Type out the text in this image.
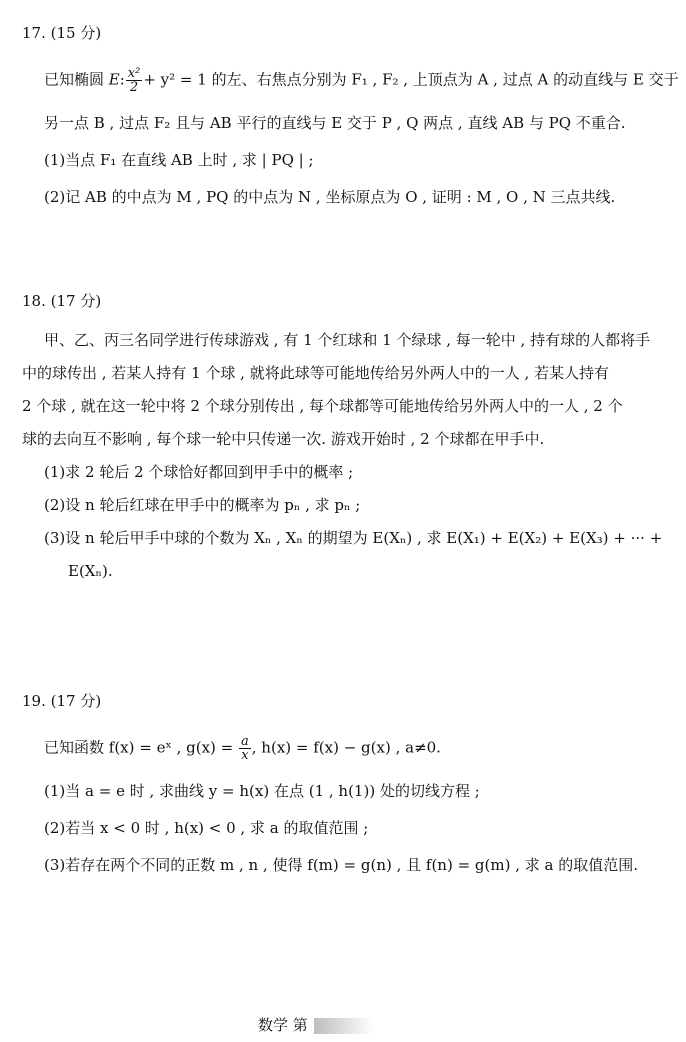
17. (15 分)

已知椭圆 E: $\frac{\text{x²}}{2} + y^2 = 1$ 的左、右焦点分别为 F₁ , F₂ , 上顶点为 A , 过点 A 的动直线与 E 交于

另一点 B , 过点 F₂ 且与 AB 平行的直线与 E 交于 P , Q 两点 , 直线 AB 与 PQ 不重合.

(1)当点 F₁ 在直线 AB 上时 , 求 | PQ | ;

(2)记 AB 的中点为 M , PQ 的中点为 N , 坐标原点为 O , 证明 : M , O , N 三点共线.

18. (17 分)

甲、乙、丙三名同学进行传球游戏 , 有 1 个红球和 1 个绿球 , 每一轮中 , 持有球的人都将手

中的球传出 , 若某人持有 1 个球 , 就将此球等可能地传给另外两人中的一人 , 若某人持有

2 个球 , 就在这一轮中将 2 个球分别传出 , 每个球都等可能地传给另外两人中的一人 , 2 个

球的去向互不影响 , 每个球一轮中只传递一次. 游戏开始时 , 2 个球都在甲手中.

(1)求 2 轮后 2 个球恰好都回到甲手中的概率 ;

(2)设 n 轮后红球在甲手中的概率为 pₙ , 求 pₙ ;

(3)设 n 轮后甲手中球的个数为 Xₙ , Xₙ 的期望为 E(Xₙ) , 求 E(X₁) + E(X₂) + E(X₃) + ··· +

E(Xₙ).

19. (17 分)

已知函数 f(x) = eˣ , $g(x) = \frac{a}{x}$ , h(x) = f(x) − g(x) , a≠0.

(1)当 a = e 时 , 求曲线 y = h(x) 在点 (1 , h(1)) 处的切线方程 ;

(2)若当 x < 0 时 , h(x) < 0 , 求 a 的取值范围 ;

(3)若存在两个不同的正数 m , n , 使得 f(m) = g(n) , 且 f(n) = g(m) , 求 a 的取值范围.

数学 第
